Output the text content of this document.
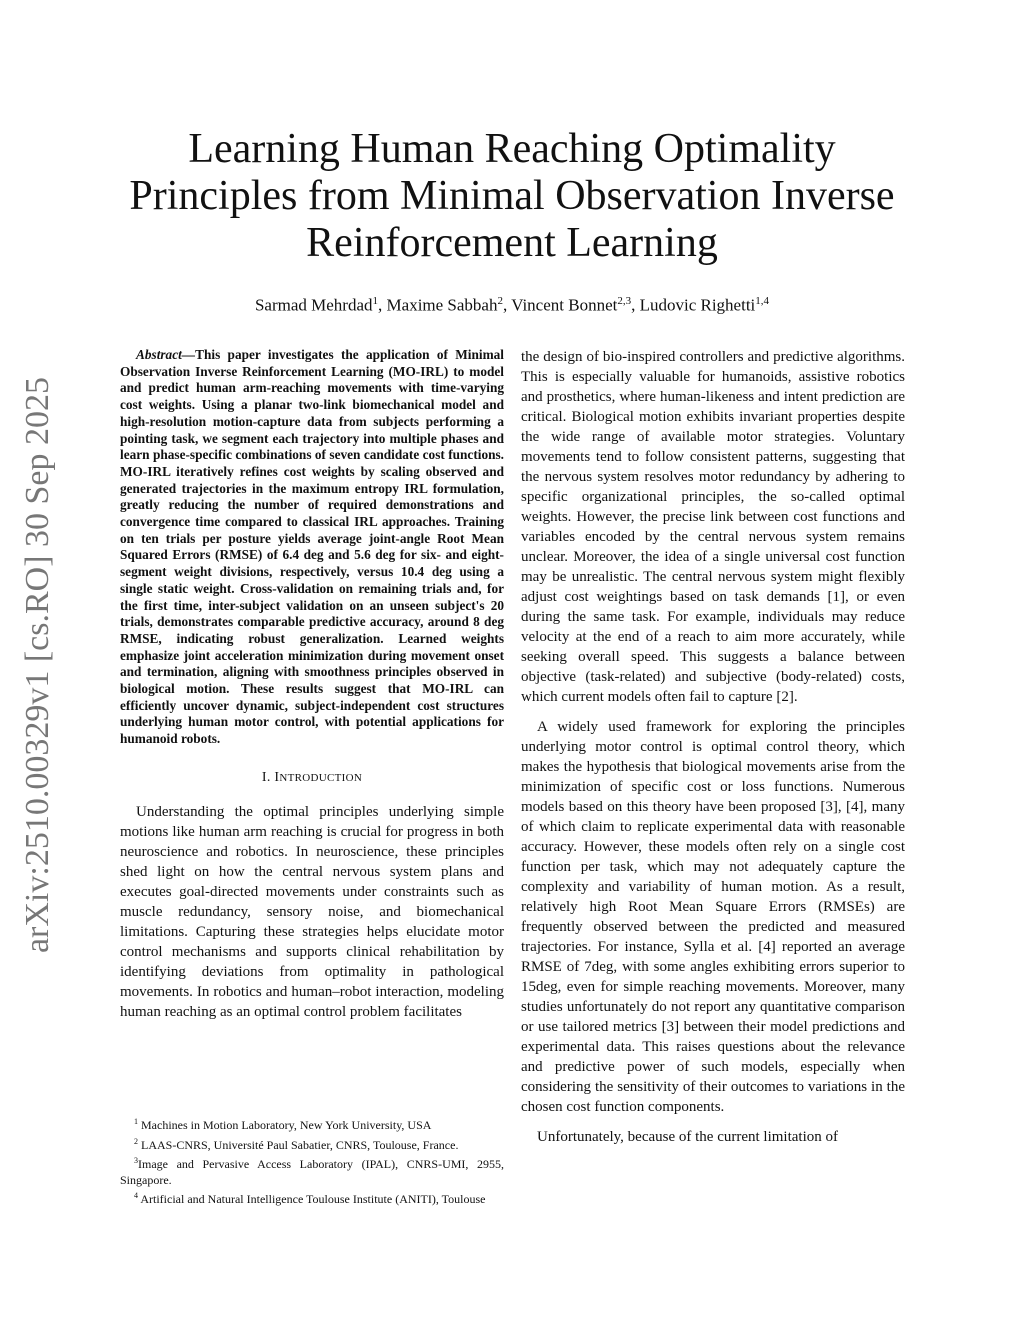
arXiv:2510.00329v1 [cs.RO] 30 Sep 2025
Learning Human Reaching Optimality Principles from Minimal Observation Inverse Reinforcement Learning
Sarmad Mehrdad$^1$, Maxime Sabbah$^2$, Vincent Bonnet$^{2,3}$, Ludovic Righetti$^{1,4}$

Abstract—This paper investigates the application of Minimal Observation Inverse Reinforcement Learning (MO-IRL) to model and predict human arm-reaching movements with time-varying cost weights. Using a planar two-link biomechanical model and high-resolution motion-capture data from subjects performing a pointing task, we segment each trajectory into multiple phases and learn phase-specific combinations of seven candidate cost functions. MO-IRL iteratively refines cost weights by scaling observed and generated trajectories in the maximum entropy IRL formulation, greatly reducing the number of required demonstrations and convergence time compared to classical IRL approaches. Training on ten trials per posture yields average joint-angle Root Mean Squared Errors (RMSE) of 6.4 deg and 5.6 deg for six- and eight-segment weight divisions, respectively, versus 10.4 deg using a single static weight. Cross-validation on remaining trials and, for the first time, inter-subject validation on an unseen subject's 20 trials, demonstrates comparable predictive accuracy, around 8 deg RMSE, indicating robust generalization. Learned weights emphasize joint acceleration minimization during movement onset and termination, aligning with smoothness principles observed in biological motion. These results suggest that MO-IRL can efficiently uncover dynamic, subject-independent cost structures underlying human motor control, with potential applications for humanoid robots.

I. INTRODUCTION

Understanding the optimal principles underlying simple motions like human arm reaching is crucial for progress in both neuroscience and robotics. In neuroscience, these principles shed light on how the central nervous system plans and executes goal-directed movements under constraints such as muscle redundancy, sensory noise, and biomechanical limitations. Capturing these strategies helps elucidate motor control mechanisms and supports clinical rehabilitation by identifying deviations from optimality in pathological movements. In robotics and human–robot interaction, modeling human reaching as an optimal control problem facilitates

$^1$ Machines in Motion Laboratory, New York University, USA

$^2$ LAAS-CNRS, Université Paul Sabatier, CNRS, Toulouse, France.

$^3$Image and Pervasive Access Laboratory (IPAL), CNRS-UMI, 2955, Singapore.

$^4$ Artificial and Natural Intelligence Toulouse Institute (ANITI), Toulouse

the design of bio-inspired controllers and predictive algorithms. This is especially valuable for humanoids, assistive robotics and prosthetics, where human-likeness and intent prediction are critical. Biological motion exhibits invariant properties despite the wide range of available motor strategies. Voluntary movements tend to follow consistent patterns, suggesting that the nervous system resolves motor redundancy by adhering to specific organizational principles, the so-called optimal weights. However, the precise link between cost functions and variables encoded by the central nervous system remains unclear. Moreover, the idea of a single universal cost function may be unrealistic. The central nervous system might flexibly adjust cost weightings based on task demands [1], or even during the same task. For example, individuals may reduce velocity at the end of a reach to aim more accurately, while seeking overall speed. This suggests a balance between objective (task-related) and subjective (body-related) costs, which current models often fail to capture [2].

A widely used framework for exploring the principles underlying motor control is optimal control theory, which makes the hypothesis that biological movements arise from the minimization of specific cost or loss functions. Numerous models based on this theory have been proposed [3], [4], many of which claim to replicate experimental data with reasonable accuracy. However, these models often rely on a single cost function per task, which may not adequately capture the complexity and variability of human motion. As a result, relatively high Root Mean Square Errors (RMSEs) are frequently observed between the predicted and measured trajectories. For instance, Sylla et al. [4] reported an average RMSE of 7deg, with some angles exhibiting errors superior to 15deg, even for simple reaching movements. Moreover, many studies unfortunately do not report any quantitative comparison or use tailored metrics [3] between their model predictions and experimental data. This raises questions about the relevance and predictive power of such models, especially when considering the sensitivity of their outcomes to variations in the chosen cost function components.

Unfortunately, because of the current limitation of
